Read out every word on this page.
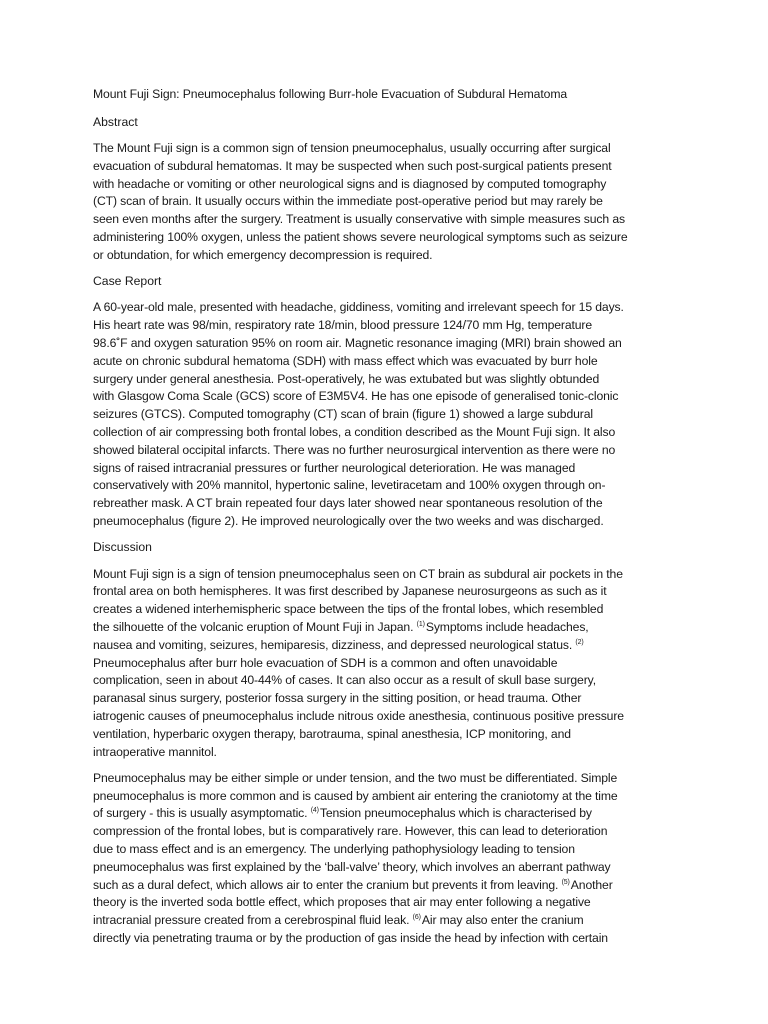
Mount Fuji Sign: Pneumocephalus following Burr-hole Evacuation of Subdural Hematoma
Abstract
The Mount Fuji sign is a common sign of tension pneumocephalus, usually occurring after surgical
evacuation of subdural hematomas. It may be suspected when such post-surgical patients present
with headache or vomiting or other neurological signs and is diagnosed by computed tomography
(CT) scan of brain. It usually occurs within the immediate post-operative period but may rarely be
seen even months after the surgery. Treatment is usually conservative with simple measures such as
administering 100% oxygen, unless the patient shows severe neurological symptoms such as seizure
or obtundation, for which emergency decompression is required.
Case Report
A 60-year-old male, presented with headache, giddiness, vomiting and irrelevant speech for 15 days.
His heart rate was 98/min, respiratory rate 18/min, blood pressure 124/70 mm Hg, temperature
98.6˚F and oxygen saturation 95% on room air. Magnetic resonance imaging (MRI) brain showed an
acute on chronic subdural hematoma (SDH) with mass effect which was evacuated by burr hole
surgery under general anesthesia. Post-operatively, he was extubated but was slightly obtunded
with Glasgow Coma Scale (GCS) score of E3M5V4. He has one episode of generalised tonic-clonic
seizures (GTCS). Computed tomography (CT) scan of brain (figure 1) showed a large subdural
collection of air compressing both frontal lobes, a condition described as the Mount Fuji sign. It also
showed bilateral occipital infarcts. There was no further neurosurgical intervention as there were no
signs of raised intracranial pressures or further neurological deterioration. He was managed
conservatively with 20% mannitol, hypertonic saline, levetiracetam and 100% oxygen through on-
rebreather mask. A CT brain repeated four days later showed near spontaneous resolution of the
pneumocephalus (figure 2). He improved neurologically over the two weeks and was discharged.
Discussion
Mount Fuji sign is a sign of tension pneumocephalus seen on CT brain as subdural air pockets in the
frontal area on both hemispheres. It was first described by Japanese neurosurgeons as such as it
creates a widened interhemispheric space between the tips of the frontal lobes, which resembled
the silhouette of the volcanic eruption of Mount Fuji in Japan. $^{(1)}$Symptoms include headaches,
nausea and vomiting, seizures, hemiparesis, dizziness, and depressed neurological status. $^{(2)}$
Pneumocephalus after burr hole evacuation of SDH is a common and often unavoidable
complication, seen in about 40-44% of cases. It can also occur as a result of skull base surgery,
paranasal sinus surgery, posterior fossa surgery in the sitting position, or head trauma. Other
iatrogenic causes of pneumocephalus include nitrous oxide anesthesia, continuous positive pressure
ventilation, hyperbaric oxygen therapy, barotrauma, spinal anesthesia, ICP monitoring, and
intraoperative mannitol.
Pneumocephalus may be either simple or under tension, and the two must be differentiated. Simple
pneumocephalus is more common and is caused by ambient air entering the craniotomy at the time
of surgery - this is usually asymptomatic. $^{(4)}$Tension pneumocephalus which is characterised by
compression of the frontal lobes, but is comparatively rare. However, this can lead to deterioration
due to mass effect and is an emergency. The underlying pathophysiology leading to tension
pneumocephalus was first explained by the ‘ball-valve’ theory, which involves an aberrant pathway
such as a dural defect, which allows air to enter the cranium but prevents it from leaving. $^{(5)}$Another
theory is the inverted soda bottle effect, which proposes that air may enter following a negative
intracranial pressure created from a cerebrospinal fluid leak. $^{(6)}$Air may also enter the cranium
directly via penetrating trauma or by the production of gas inside the head by infection with certain
